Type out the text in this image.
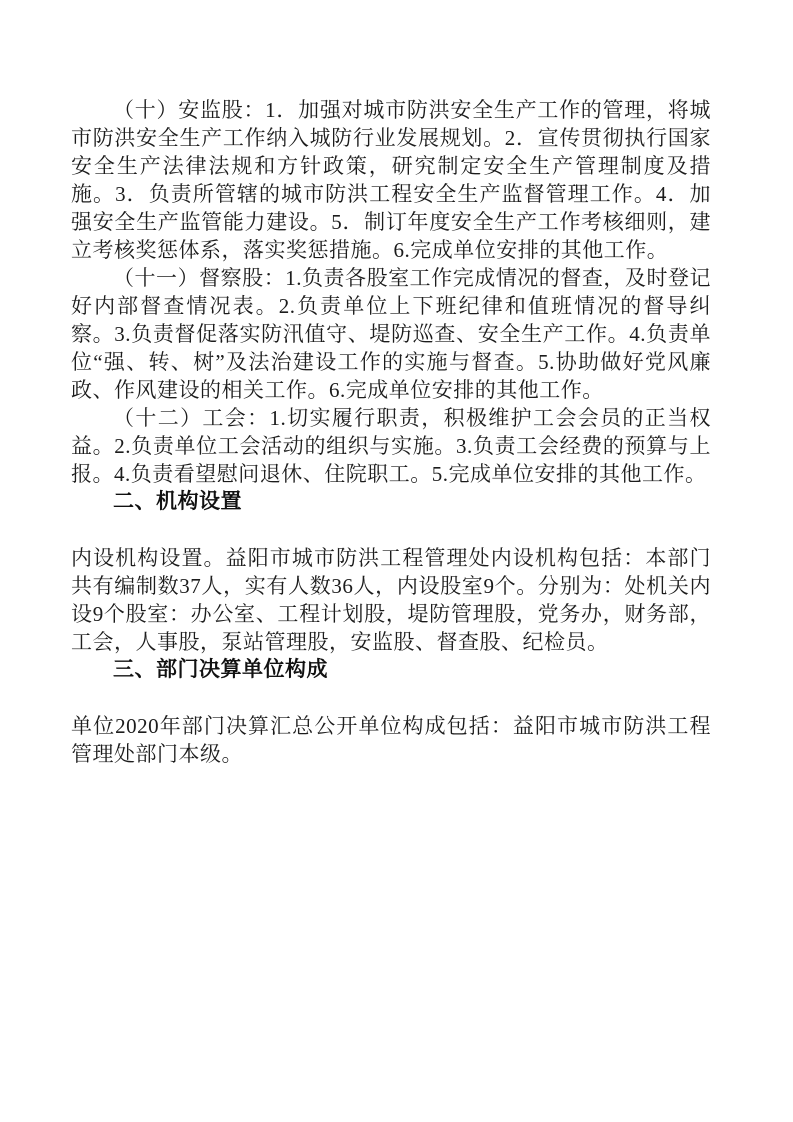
（十）安监股：1．加强对城市防洪安全生产工作的管理，将城市防洪安全生产工作纳入城防行业发展规划。2．宣传贯彻执行国家安全生产法律法规和方针政策，研究制定安全生产管理制度及措施。3．负责所管辖的城市防洪工程安全生产监督管理工作。4．加强安全生产监管能力建设。5．制订年度安全生产工作考核细则，建立考核奖惩体系，落实奖惩措施。6.完成单位安排的其他工作。

（十一）督察股：1.负责各股室工作完成情况的督查，及时登记好内部督查情况表。2.负责单位上下班纪律和值班情况的督导纠察。3.负责督促落实防汛值守、堤防巡查、安全生产工作。4.负责单位“强、转、树”及法治建设工作的实施与督查。5.协助做好党风廉政、作风建设的相关工作。6.完成单位安排的其他工作。

（十二）工会：1.切实履行职责，积极维护工会会员的正当权益。2.负责单位工会活动的组织与实施。3.负责工会经费的预算与上报。4.负责看望慰问退休、住院职工。5.完成单位安排的其他工作。

二、机构设置

内设机构设置。益阳市城市防洪工程管理处内设机构包括：本部门共有编制数37人，实有人数36人，内设股室9个。分别为：处机关内设9个股室：办公室、工程计划股，堤防管理股，党务办，财务部，工会，人事股，泵站管理股，安监股、督查股、纪检员。

三、部门决算单位构成

单位2020年部门决算汇总公开单位构成包括：益阳市城市防洪工程管理处部门本级。
